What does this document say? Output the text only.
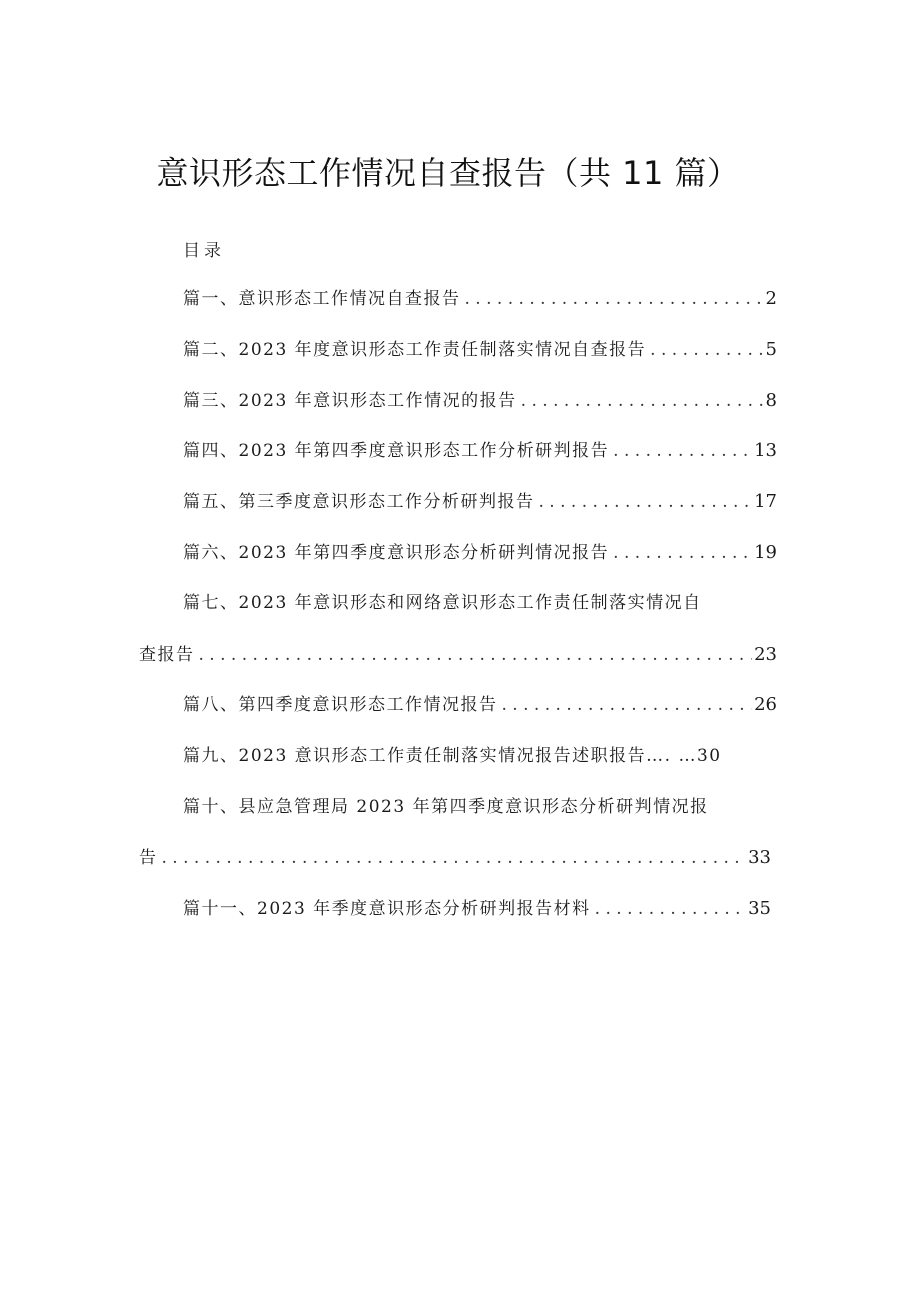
意识形态工作情况自查报告（共 11 篇）
目录
篇一、意识形态工作情况自查报告 . . .	2
篇二、2023 年度意识形态工作责任制落实情况自查报告 . . .	5
篇三、2023 年意识形态工作情况的报告 . . .	8
篇四、2023 年第四季度意识形态工作分析研判报告 . . .	13
篇五、第三季度意识形态工作分析研判报告 . . .	17
篇六、2023 年第四季度意识形态分析研判情况报告 . . .	19
篇七、2023 年意识形态和网络意识形态工作责任制落实情况自
查报告 . . .	23
篇八、第四季度意识形态工作情况报告 . . .	26
篇九、2023 意识形态工作责任制落实情况报告述职报告…. …30
篇十、县应急管理局 2023 年第四季度意识形态分析研判情况报
告 . . .	33
篇十一、2023 年季度意识形态分析研判报告材料 . . .	35
